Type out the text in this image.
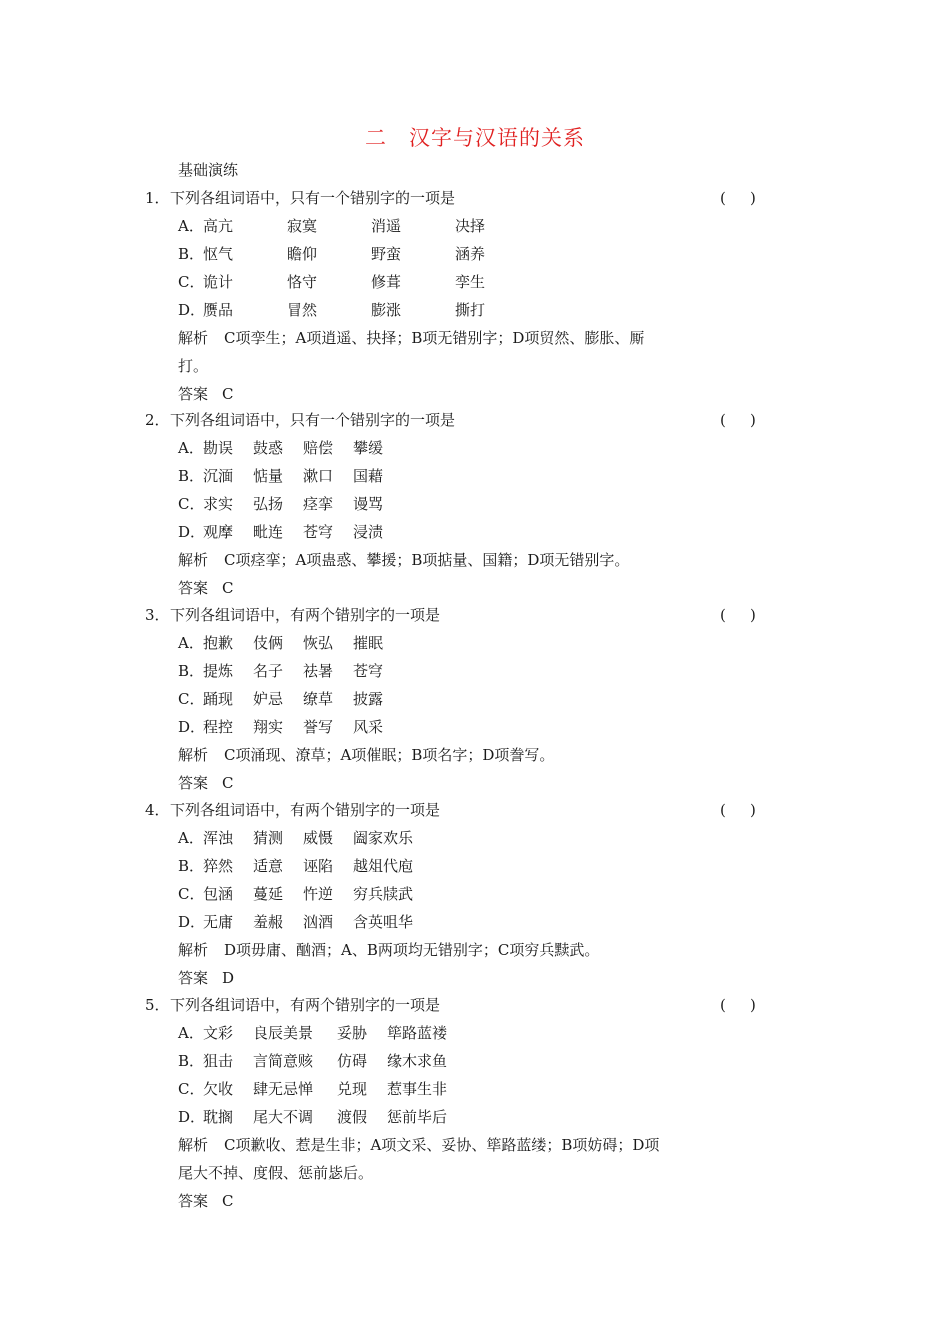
二 汉字与汉语的关系
基础演练
1．下列各组词语中，只有一个错别字的一项是	( )
A．高亢	寂寞	消遥	决择
B．怄气	瞻仰	野蛮	涵养
C．诡计	恪守	修葺	孪生
D．赝品	冒然	膨涨	撕打
解析 C项孪生；A项逍遥、抉择；B项无错别字；D项贸然、膨胀、厮
打。
答案 C
2．下列各组词语中，只有一个错别字的一项是	( )
A．勘误 鼓惑 赔偿 攀缓
B．沉湎 惦量 漱口 国藉
C．求实 弘扬 痉挛 谩骂
D．观摩 毗连 苍穹 浸渍
解析 C项痉挛；A项蛊惑、攀援；B项掂量、国籍；D项无错别字。
答案 C
3．下列各组词语中，有两个错别字的一项是	( )
A．抱歉 伎俩 恢弘 摧眠
B．提炼 名子 祛暑 苍穹
C．踊现 妒忌 缭草 披露
D．程控 翔实 誉写 风采
解析 C项涌现、潦草；A项催眠；B项名字；D项誊写。
答案 C
4．下列各组词语中，有两个错别字的一项是	( )
A．浑浊 猜测 威慑 阖家欢乐
B．猝然 适意 诬陷 越俎代庖
C．包涵 蔓延 忤逆 穷兵牍武
D．无庸 羞赧 汹酒 含英咀华
解析 D项毋庸、酗酒；A、B两项均无错别字；C项穷兵黩武。
答案 D
5．下列各组词语中，有两个错别字的一项是	( )
A．文彩 良辰美景 妥胁 筚路蓝褛
B．狙击 言简意赅 仿碍 缘木求鱼
C．欠收 肆无忌惮 兑现 惹事生非
D．耽搁 尾大不调 渡假 惩前毕后
解析 C项歉收、惹是生非；A项文采、妥协、筚路蓝缕；B项妨碍；D项
尾大不掉、度假、惩前毖后。
答案 C
